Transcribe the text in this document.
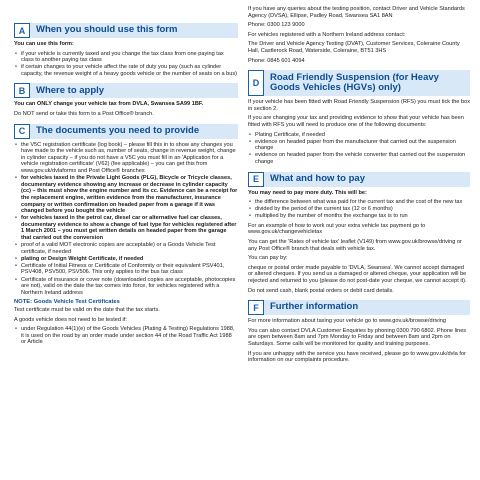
A	When you should use this form

You can use this form:

• if your vehicle is currently taxed and you change the tax class from one paying tax class to another paying tax class
• if certain changes to your vehicle affect the rate of duty you pay (such as cylinder capacity, the revenue weight of a heavy goods vehicle or the number of seats on a bus)
B	Where to apply

You can ONLY change your vehicle tax from DVLA, Swansea SA99 1BF.

Do NOT send or take this form to a Post Office® branch.

C	The documents you need to provide
• the V5C registration certificate (log book) – please fill this in to show any changes you have made to the vehicle such as, number of seats, change in revenue weight, change in cylinder capacity – if you do not have a V5C you must fill in an 'Application for a vehicle registration certificate' (V62) (fee applicable) – you can get this from www.gov.uk/dvlaforms and Post Office® branches
• for vehicles taxed in the Private Light Goods (PLG), Bicycle or Tricycle classes, documentary evidence showing any increase or decrease in cylinder capacity (cc) – this must show the engine number and its cc. Evidence can be a receipt for the replacement engine, written evidence from the manufacturer, insurance company or written confirmation on headed paper from a garage if it was changed before you bought the vehicle
• for vehicles taxed in the petrol car, diesel car or alternative fuel car classes, documentary evidence to show a change of fuel type for vehicles registered after 1 March 2001 – you must get written details on headed paper from the garage that carried out the conversion
• proof of a valid MOT electronic copies are acceptable) or a Goods Vehicle Test certificate, if needed
• plating or Design Weight Certificate, if needed
• Certificate of Initial Fitness or Certificate of Conformity or their equivalent PSV401, PSV408, PSV500, PSV506. This only applies to the bus tax class
• Certificate of insurance or cover note (downloaded copies are acceptable, photocopies are not), valid on the date the tax comes into force, for vehicles registered with a Northern Ireland address

NOTE: Goods Vehicle Test Certificates

Test certificate must be valid on the date that the tax starts.

A goods vehicle does not need to be tested if:

• under Regulation 44(1)(e) of the Goods Vehicles (Plating & Testing) Regulations 1988, it is used on the road by an order made under section 44 of the Road Traffic Act 1988 or Article

If you have any queries about the testing position, contact Driver and Vehicle Standards Agency (DVSA), Ellipse, Padley Road, Swansea SA1 8AN

Phone: 0300 123 9000

For vehicles registered with a Northern Ireland address contact:

The Driver and Vehicle Agency Testing (DVAT), Customer Services, Coleraine County Hall, Castlerock Road, Waterside, Coleraine, BT51 3HS

Phone: 0845 601 4094

D
Road Friendly Suspension (for Heavy Goods Vehicles (HGVs) only)

If your vehicle has been fitted with Road Friendly Suspension (RFS) you must tick the box in section 2.

If you are changing your tax and providing evidence to show that your vehicle has been fitted with RFS you will need to produce one of the following documents:

• Plating Certificate, if needed
• evidence on headed paper from the manufacturer that carried out the suspension change
• evidence on headed paper from the vehicle converter that carried out the suspension change
E	What and how to pay

You may need to pay more duty. This will be:

• the difference between what was paid for the current tax and the cost of the new tax
• divided by the period of the current tax (12 or 6 months)
• multiplied by the number of months the exchange tax is to run

For an example of how to work out your extra vehicle tax payment go to www.gov.uk/changevehicletax

You can get the 'Rates of vehicle tax' leaflet (V149) from www.gov.uk/browse/driving or any Post Office® branch that deals with vehicle tax.

You can pay by:

cheque or postal order made payable to 'DVLA, Swansea'. We cannot accept damaged or altered cheques. If you send us a damaged or altered cheque, your application will be rejected and returned to you (please do not post-date your cheque, we cannot accept it).

Do not send cash, blank postal orders or debit card details.

F	Further information

For more information about taxing your vehicle go to www.gov.uk/browse/driving

You can also contact DVLA Customer Enquiries by phoning 0300 790 6802. Phone lines are open between 8am and 7pm Monday to Friday and between 8am and 2pm on Saturdays. Some calls will be monitored for quality and training purposes.

If you are unhappy with the service you have received, please go to www.gov.uk/dvla for information on our complaints procedure.
